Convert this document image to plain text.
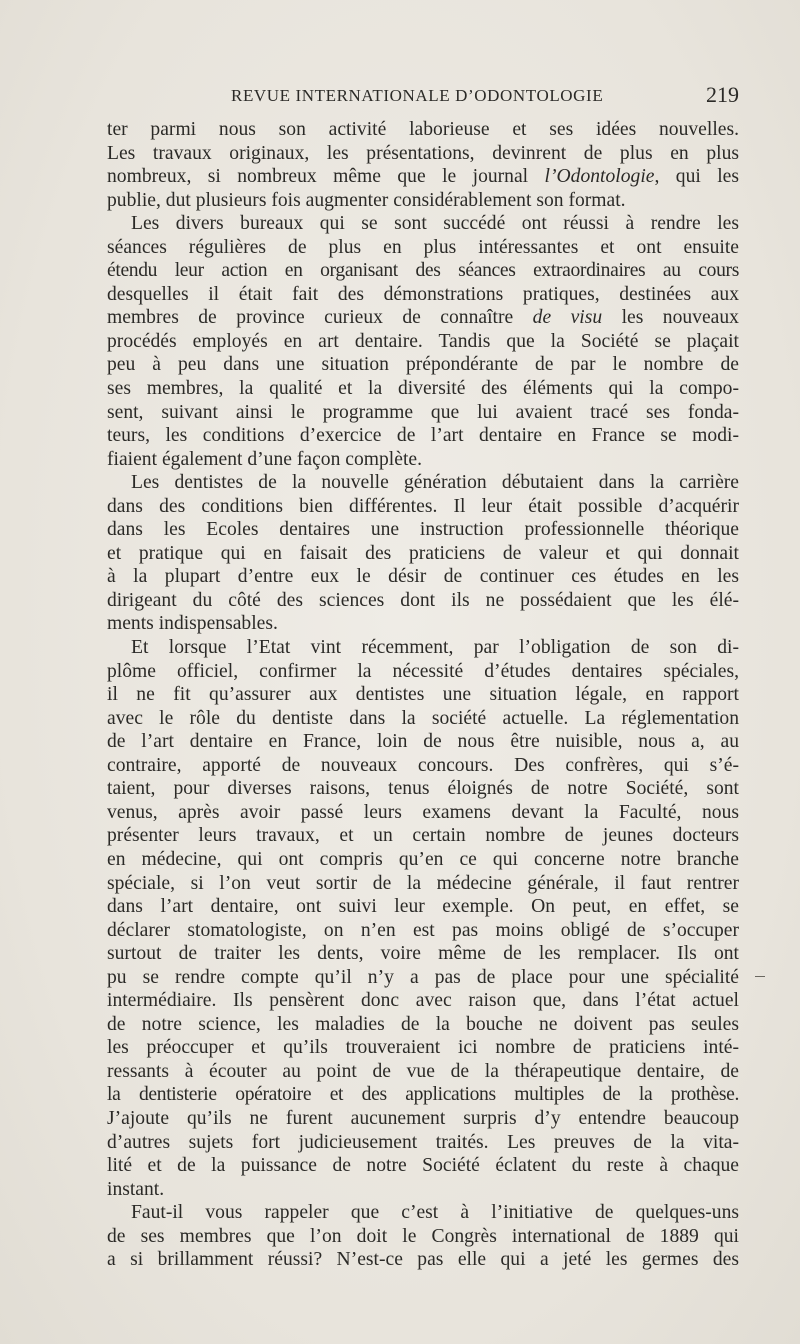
REVUE INTERNATIONALE D’ODONTOLOGIE	219
ter parmi nous son activité laborieuse et ses idées nouvelles.
Les travaux originaux, les présentations, devinrent de plus en plus
nombreux, si nombreux même que le journal l’Odontologie, qui les
publie, dut plusieurs fois augmenter considérablement son format.
Les divers bureaux qui se sont succédé ont réussi à rendre les
séances régulières de plus en plus intéressantes et ont ensuite
étendu leur action en organisant des séances extraordinaires au cours
desquelles il était fait des démonstrations pratiques, destinées aux
membres de province curieux de connaître de visu les nouveaux
procédés employés en art dentaire. Tandis que la Société se plaçait
peu à peu dans une situation prépondérante de par le nombre de
ses membres, la qualité et la diversité des éléments qui la compo-
sent, suivant ainsi le programme que lui avaient tracé ses fonda-
teurs, les conditions d’exercice de l’art dentaire en France se modi-
fiaient également d’une façon complète.
Les dentistes de la nouvelle génération débutaient dans la carrière
dans des conditions bien différentes. Il leur était possible d’acquérir
dans les Ecoles dentaires une instruction professionnelle théorique
et pratique qui en faisait des praticiens de valeur et qui donnait
à la plupart d’entre eux le désir de continuer ces études en les
dirigeant du côté des sciences dont ils ne possédaient que les élé-
ments indispensables.
Et lorsque l’Etat vint récemment, par l’obligation de son di-
plôme officiel, confirmer la nécessité d’études dentaires spéciales,
il ne fit qu’assurer aux dentistes une situation légale, en rapport
avec le rôle du dentiste dans la société actuelle. La réglementation
de l’art dentaire en France, loin de nous être nuisible, nous a, au
contraire, apporté de nouveaux concours. Des confrères, qui s’é-
taient, pour diverses raisons, tenus éloignés de notre Société, sont
venus, après avoir passé leurs examens devant la Faculté, nous
présenter leurs travaux, et un certain nombre de jeunes docteurs
en médecine, qui ont compris qu’en ce qui concerne notre branche
spéciale, si l’on veut sortir de la médecine générale, il faut rentrer
dans l’art dentaire, ont suivi leur exemple. On peut, en effet, se
déclarer stomatologiste, on n’en est pas moins obligé de s’occuper
surtout de traiter les dents, voire même de les remplacer. Ils ont
pu se rendre compte qu’il n’y a pas de place pour une spécialité
intermédiaire. Ils pensèrent donc avec raison que, dans l’état actuel
de notre science, les maladies de la bouche ne doivent pas seules
les préoccuper et qu’ils trouveraient ici nombre de praticiens inté-
ressants à écouter au point de vue de la thérapeutique dentaire, de
la dentisterie opératoire et des applications multiples de la prothèse.
J’ajoute qu’ils ne furent aucunement surpris d’y entendre beaucoup
d’autres sujets fort judicieusement traités. Les preuves de la vita-
lité et de la puissance de notre Société éclatent du reste à chaque
instant.
Faut-il vous rappeler que c’est à l’initiative de quelques-uns
de ses membres que l’on doit le Congrès international de 1889 qui
a si brillamment réussi? N’est-ce pas elle qui a jeté les germes des
